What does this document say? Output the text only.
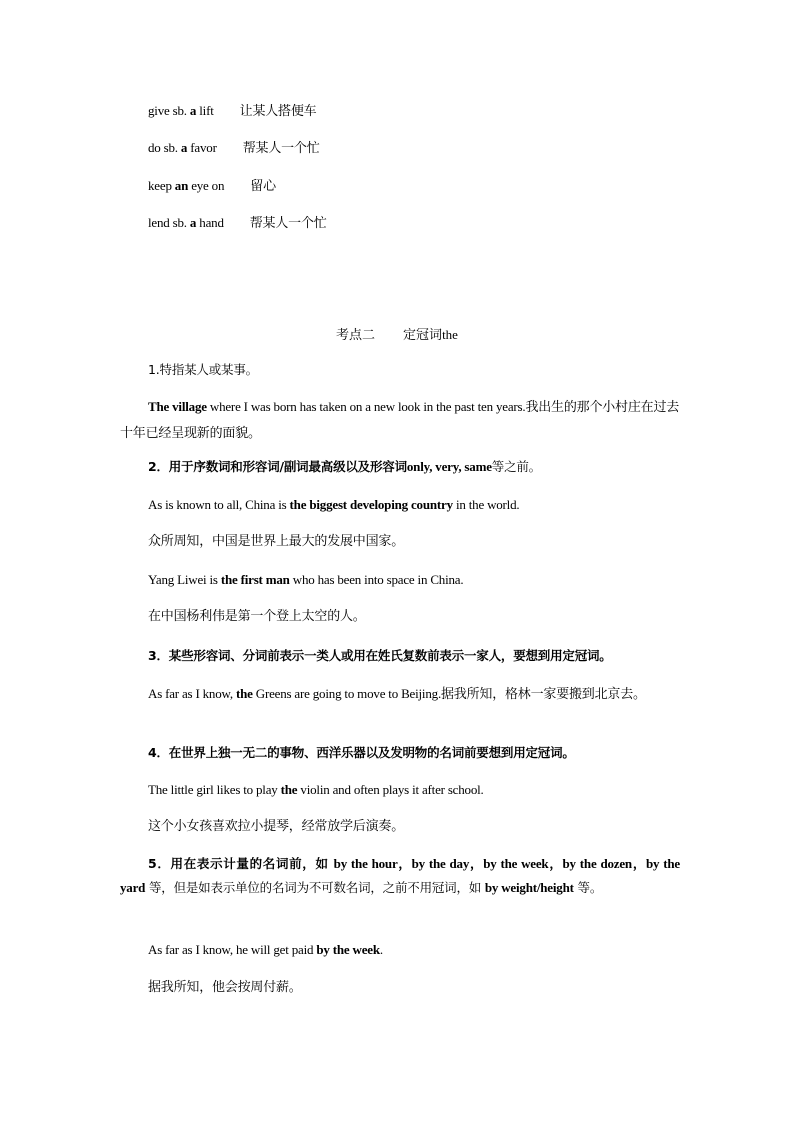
give sb. a lift 让某人搭便车
do sb. a favor 帮某人一个忙
keep an eye on 留心
lend sb. a hand 帮某人一个忙
考点二 定冠词the
1.特指某人或某事。
The village where I was born has taken on a new look in the past ten years.我出生的那个小村庄在过去十年已经呈现新的面貌。
2．用于序数词和形容词/副词最高级以及形容词only, very, same等之前。
As is known to all, China is the biggest developing country in the world.
众所周知，中国是世界上最大的发展中国家。
Yang Liwei is the first man who has been into space in China.
在中国杨利伟是第一个登上太空的人。
3．某些形容词、分词前表示一类人或用在姓氏复数前表示一家人，要想到用定冠词。
As far as I know, the Greens are going to move to Beijing.据我所知，格林一家要搬到北京去。
4．在世界上独一无二的事物、西洋乐器以及发明物的名词前要想到用定冠词。
The little girl likes to play the violin and often plays it after school.
这个小女孩喜欢拉小提琴，经常放学后演奏。
5．用在表示计量的名词前，如 by the hour，by the day，by the week，by the dozen，by the yard 等，但是如表示单位的名词为不可数名词，之前不用冠词，如 by weight/height 等。
As far as I know, he will get paid by the week.
据我所知，他会按周付薪。
